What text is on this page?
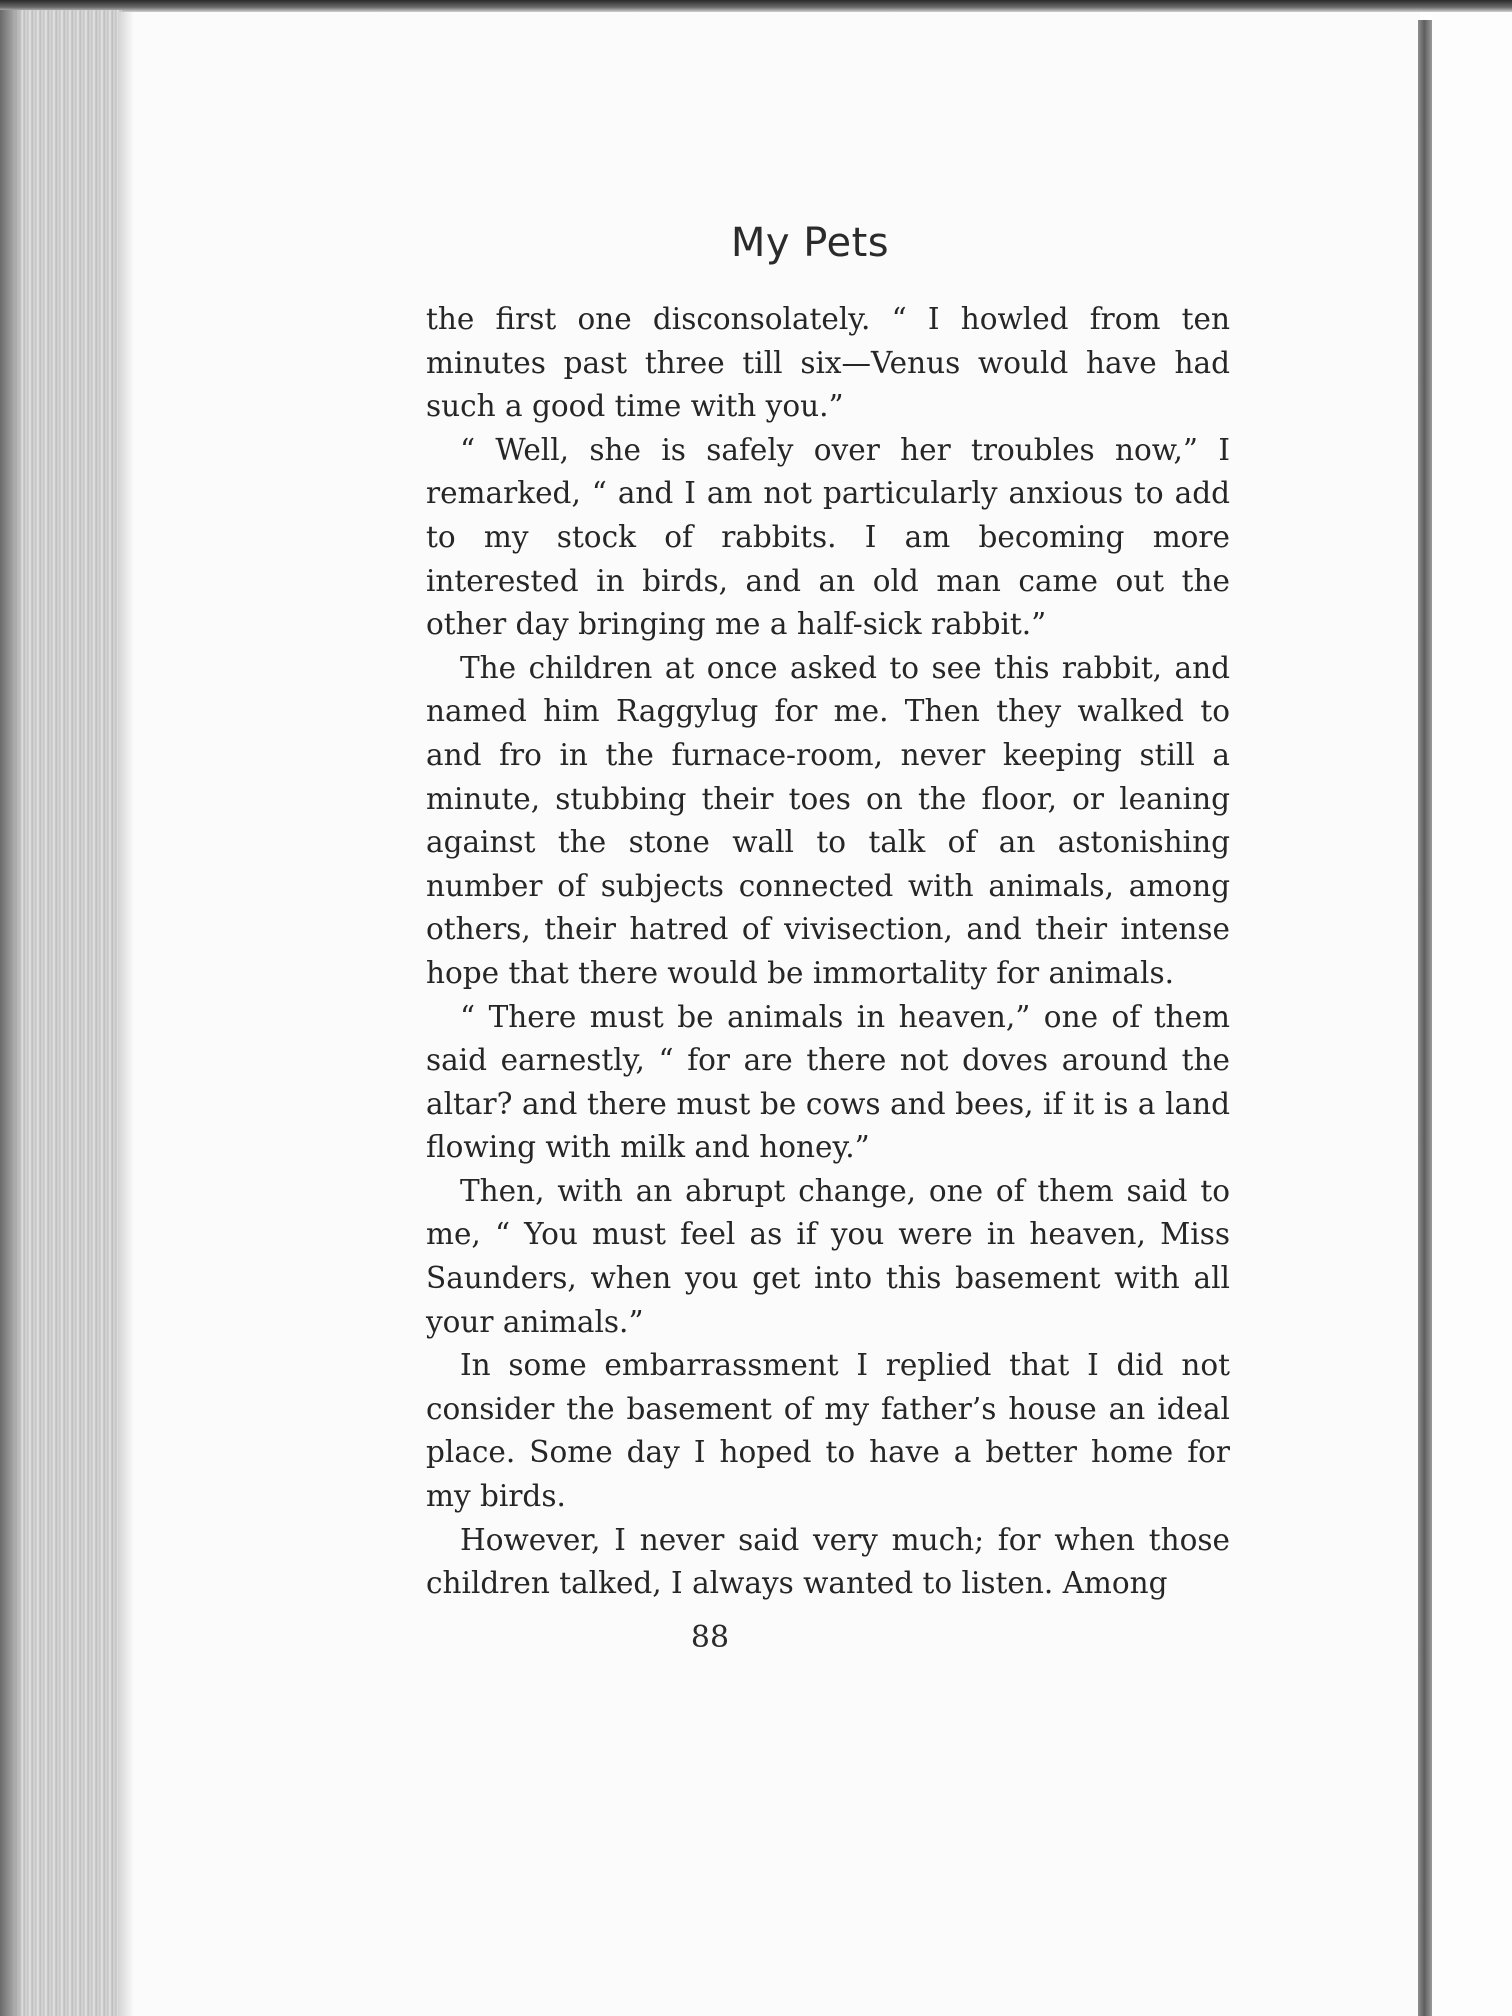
My Pets

the first one disconsolately. “ I howled from ten minutes past three till six—Venus would have had such a good time with you.”

“ Well, she is safely over her troubles now,” I remarked, “ and I am not particularly anxious to add to my stock of rabbits. I am becoming more interested in birds, and an old man came out the other day bringing me a half-sick rabbit.”

The children at once asked to see this rabbit, and named him Raggylug for me. Then they walked to and fro in the furnace-room, never keeping still a minute, stubbing their toes on the floor, or leaning against the stone wall to talk of an astonishing number of subjects connected with animals, among others, their hatred of vivisection, and their intense hope that there would be immortality for animals.

“ There must be animals in heaven,” one of them said earnestly, “ for are there not doves around the altar? and there must be cows and bees, if it is a land flowing with milk and honey.”

Then, with an abrupt change, one of them said to me, “ You must feel as if you were in heaven, Miss Saunders, when you get into this basement with all your animals.”

In some embarrassment I replied that I did not consider the basement of my father’s house an ideal place. Some day I hoped to have a better home for my birds.

However, I never said very much; for when those children talked, I always wanted to listen. Among

88
